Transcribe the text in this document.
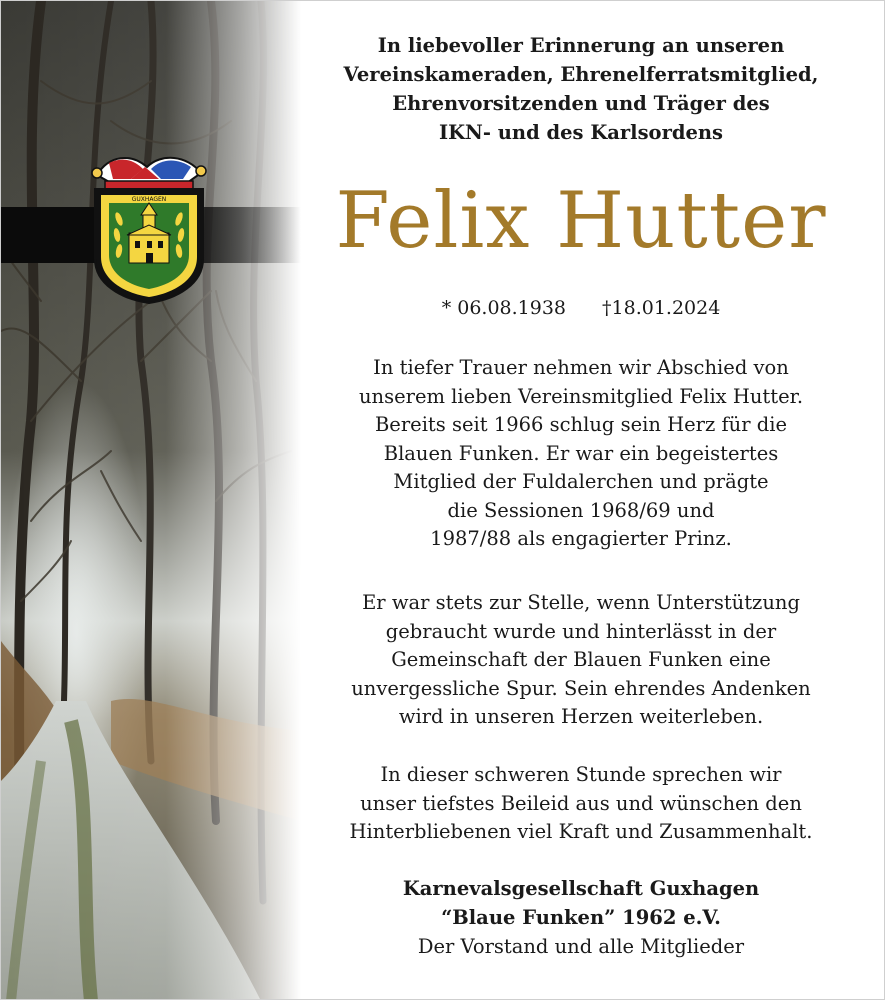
GUXHAGEN
In liebevoller Erinnerung an unseren
Vereinskameraden, Ehrenelferratsmitglied,
Ehrenvorsitzenden und Träger des
IKN- und des Karlsordens
Felix Hutter
* 06.08.1938 †18.01.2024
In tiefer Trauer nehmen wir Abschied von
unserem lieben Vereinsmitglied Felix Hutter.
Bereits seit 1966 schlug sein Herz für die
Blauen Funken. Er war ein begeistertes
Mitglied der Fuldalerchen und prägte
die Sessionen 1968/69 und
1987/88 als engagierter Prinz.
Er war stets zur Stelle, wenn Unterstützung
gebraucht wurde und hinterlässt in der
Gemeinschaft der Blauen Funken eine
unvergessliche Spur. Sein ehrendes Andenken
wird in unseren Herzen weiterleben.
In dieser schweren Stunde sprechen wir
unser tiefstes Beileid aus und wünschen den
Hinterbliebenen viel Kraft und Zusammenhalt.
Karnevalsgesellschaft Guxhagen
“Blaue Funken” 1962 e.V.
Der Vorstand und alle Mitglieder
